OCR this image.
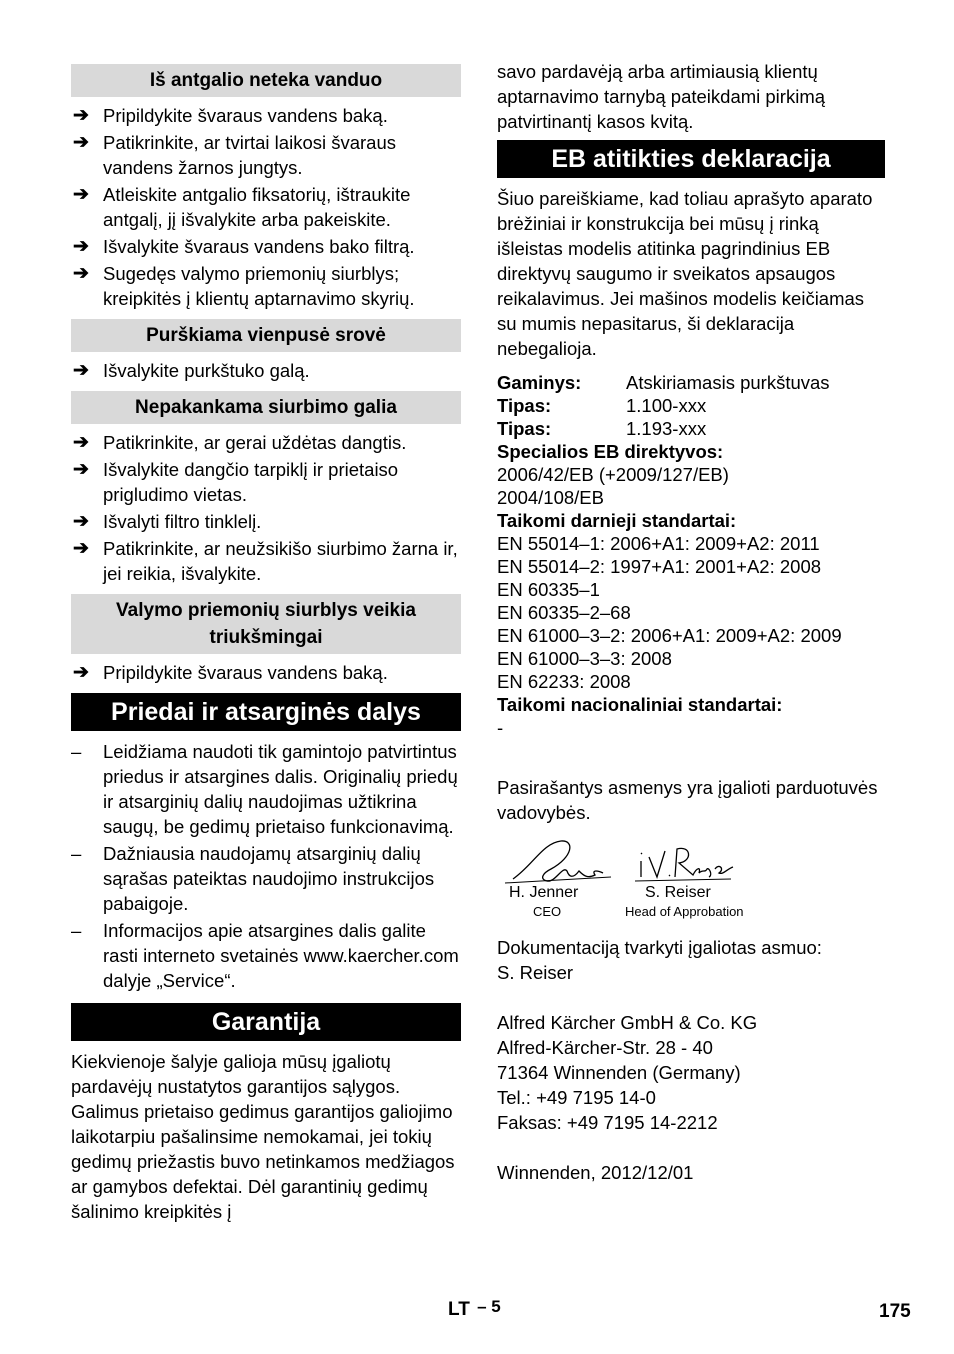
Iš antgalio neteka vanduo
➔ Pripildykite švaraus vandens baką.
➔ Patikrinkite, ar tvirtai laikosi švaraus vandens žarnos jungtys.
➔ Atleiskite antgalio fiksatorių, ištraukite antgalį, jį išvalykite arba pakeiskite.
➔ Išvalykite švaraus vandens bako filtrą.
➔ Sugedęs valymo priemonių siurblys; kreipkitės į klientų aptarnavimo skyrių.
Purškiama vienpusė srovė
➔ Išvalykite purkštuko galą.
Nepakankama siurbimo galia
➔ Patikrinkite, ar gerai uždėtas dangtis.
➔ Išvalykite dangčio tarpiklį ir prietaiso prigludimo vietas.
➔ Išvalyti filtro tinklelį.
➔ Patikrinkite, ar neužsikišo siurbimo žarna ir, jei reikia, išvalykite.
Valymo priemonių siurblys veikia triukšmingai
➔ Pripildykite švaraus vandens baką.
Priedai ir atsarginės dalys
– Leidžiama naudoti tik gamintojo patvirtintus priedus ir atsargines dalis. Originalių priedų ir atsarginių dalių naudojimas užtikrina saugų, be gedimų prietaiso funkcionavimą.
– Dažniausia naudojamų atsarginių dalių sąrašas pateiktas naudojimo instrukcijos pabaigoje.
– Informacijos apie atsargines dalis galite rasti interneto svetainės www.kaercher.com dalyje „Service“.
Garantija

Kiekvienoje šalyje galioja mūsų įgaliotų pardavėjų nustatytos garantijos sąlygos. Galimus prietaiso gedimus garantijos galiojimo laikotarpiu pašalinsime nemokamai, jei tokių gedimų priežastis buvo netinkamos medžiagos ar gamybos defektai. Dėl garantinių gedimų šalinimo kreipkitės į

savo pardavėją arba artimiausią klientų aptarnavimo tarnybą pateikdami pirkimą patvirtinantį kasos kvitą.

EB atitikties deklaracija

Šiuo pareiškiame, kad toliau aprašyto aparato brėžiniai ir konstrukcija bei mūsų į rinką išleistas modelis atitinka pagrindinius EB direktyvų saugumo ir sveikatos apsaugos reikalavimus. Jei mašinos modelis keičiamas su mumis nepasitarus, ši deklaracija nebegalioja.

Gaminys:	Atskiriamasis purkštuvas
Tipas:	1.100-xxx
Tipas:	1.193-xxx
Specialios EB direktyvos:
2006/42/EB (+2009/127/EB)
2004/108/EB
Taikomi darnieji standartai:
EN 55014–1: 2006+A1: 2009+A2: 2011
EN 55014–2: 1997+A1: 2001+A2: 2008
EN 60335–1
EN 60335–2–68
EN 61000–3–2: 2006+A1: 2009+A2: 2009
EN 61000–3–3: 2008
EN 62233: 2008
Taikomi nacionaliniai standartai:
-

Pasirašantys asmenys yra įgalioti parduotuvės vadovybės.

H. Jenner
CEO
S. Reiser
Head of Approbation

Dokumentaciją tvarkyti įgaliotas asmuo:

S. Reiser

Alfred Kärcher GmbH & Co. KG

Alfred-Kärcher-Str. 28 - 40

71364 Winnenden (Germany)

Tel.: +49 7195 14-0

Faksas: +49 7195 14-2212

Winnenden, 2012/12/01

LT – 5	175
